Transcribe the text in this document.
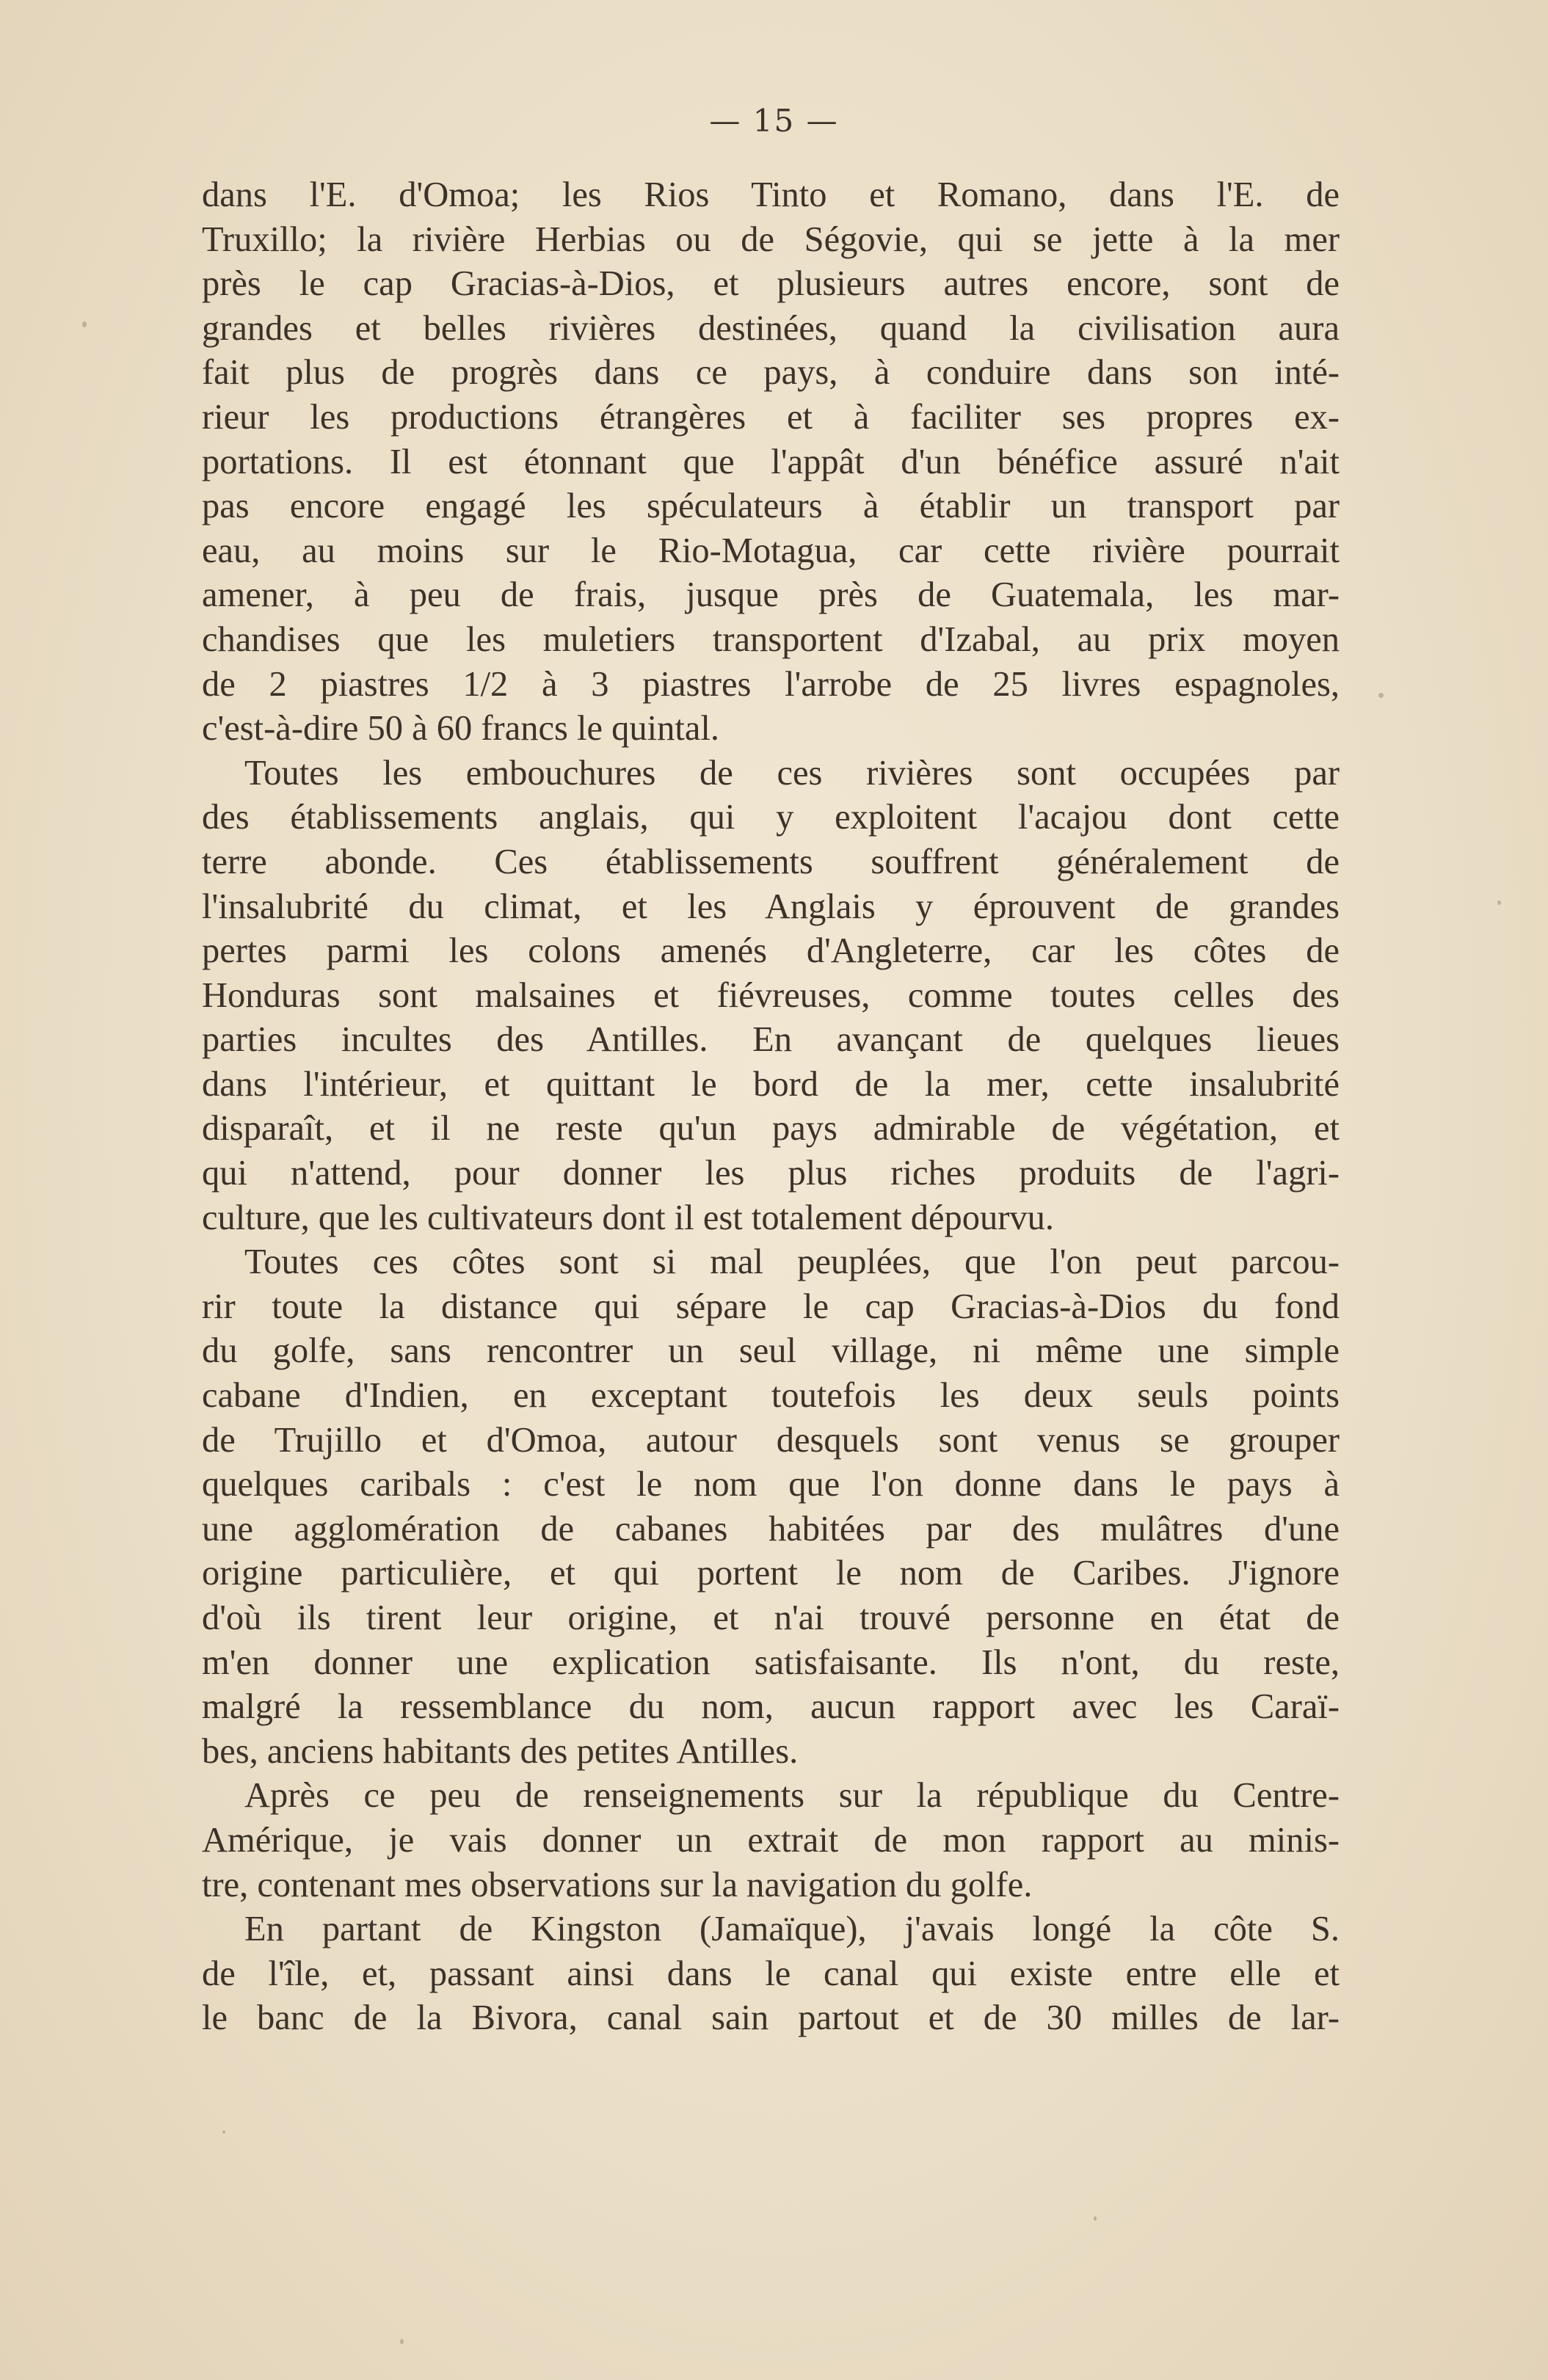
— 15 —
dans l'E. d'Omoa; les Rios Tinto et Romano, dans l'E. de
Truxillo; la rivière Herbias ou de Ségovie, qui se jette à la mer
près le cap Gracias-à-Dios, et plusieurs autres encore, sont de
grandes et belles rivières destinées, quand la civilisation aura
fait plus de progrès dans ce pays, à conduire dans son inté-
rieur les productions étrangères et à faciliter ses propres ex-
portations. Il est étonnant que l'appât d'un bénéfice assuré n'ait
pas encore engagé les spéculateurs à établir un transport par
eau, au moins sur le Rio-Motagua, car cette rivière pourrait
amener, à peu de frais, jusque près de Guatemala, les mar-
chandises que les muletiers transportent d'Izabal, au prix moyen
de 2 piastres 1/2 à 3 piastres l'arrobe de 25 livres espagnoles,
c'est-à-dire 50 à 60 francs le quintal.
Toutes les embouchures de ces rivières sont occupées par
des établissements anglais, qui y exploitent l'acajou dont cette
terre abonde. Ces établissements souffrent généralement de
l'insalubrité du climat, et les Anglais y éprouvent de grandes
pertes parmi les colons amenés d'Angleterre, car les côtes de
Honduras sont malsaines et fiévreuses, comme toutes celles des
parties incultes des Antilles. En avançant de quelques lieues
dans l'intérieur, et quittant le bord de la mer, cette insalubrité
disparaît, et il ne reste qu'un pays admirable de végétation, et
qui n'attend, pour donner les plus riches produits de l'agri-
culture, que les cultivateurs dont il est totalement dépourvu.
Toutes ces côtes sont si mal peuplées, que l'on peut parcou-
rir toute la distance qui sépare le cap Gracias-à-Dios du fond
du golfe, sans rencontrer un seul village, ni même une simple
cabane d'Indien, en exceptant toutefois les deux seuls points
de Trujillo et d'Omoa, autour desquels sont venus se grouper
quelques caribals : c'est le nom que l'on donne dans le pays à
une agglomération de cabanes habitées par des mulâtres d'une
origine particulière, et qui portent le nom de Caribes. J'ignore
d'où ils tirent leur origine, et n'ai trouvé personne en état de
m'en donner une explication satisfaisante. Ils n'ont, du reste,
malgré la ressemblance du nom, aucun rapport avec les Caraï-
bes, anciens habitants des petites Antilles.
Après ce peu de renseignements sur la république du Centre-
Amérique, je vais donner un extrait de mon rapport au minis-
tre, contenant mes observations sur la navigation du golfe.
En partant de Kingston (Jamaïque), j'avais longé la côte S.
de l'île, et, passant ainsi dans le canal qui existe entre elle et
le banc de la Bivora, canal sain partout et de 30 milles de lar-
